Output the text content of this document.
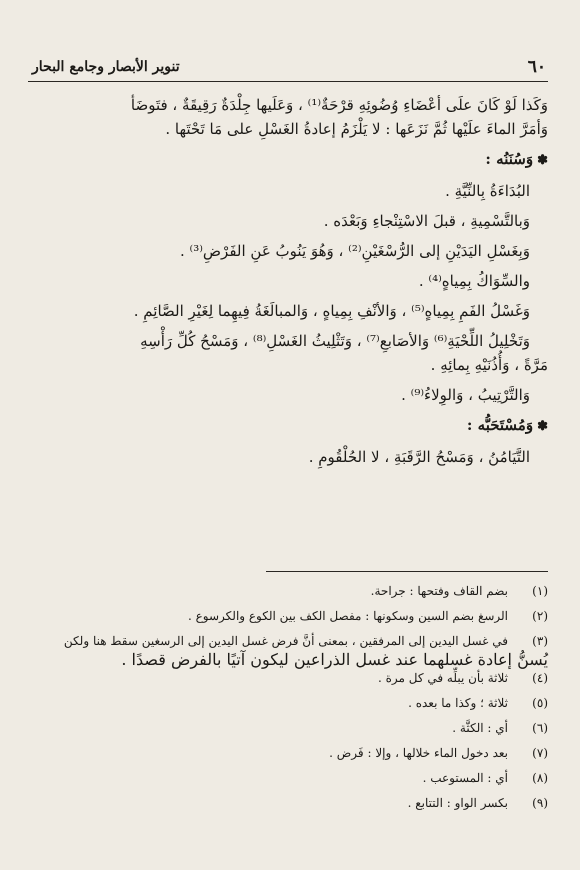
٦٠
تنوير الأبصار وجامع البحار
وَكَذا لَوْ كَانَ علَى أعْضَاءِ وُضُوئِهِ قرْحَةٌ⁽¹⁾ ، وَعَلَيها جِلْدَةٌ رَقِيقَةٌ ، فتَوضَأ
وَأمَرَّ الماءَ علَيْها ثُمَّ نَزَعَها : لا يَلْزَمُ إعادةُ الغَسْلِ على مَا تَحْتَها .
✽وَسُنَنُه :
البُدَاءَةُ بِالنِّيَّةِ .
وَبالتَّسْمِيةِ ، قبلَ الاسْتِنْجاءِ وَبَعْدَه .
وَبِغَسْلِ اليَدَيْنِ إلى الرُّسْغَيْنِ⁽²⁾ ، وَهُوَ يَنُوبُ عَنِ الفَرْضِ⁽³⁾ .
والسِّوَاكُ بِمِياهٍ⁽⁴⁾ .
وَغَسْلُ الفَمِ بِمِياهٍ⁽⁵⁾ ، وَالأنْفِ بِمِياهٍ ، وَالمبالَغَةُ فِيهِما لِغَيْرِ الصَّائِمِ .
وَتَخْلِيلُ اللِّحْيَةِ⁽⁶⁾ وَالأصَابعِ⁽⁷⁾ ، وَتَثْلِيثُ الغَسْلِ⁽⁸⁾ ، وَمَسْحُ كُلِّ رَأْسِهِ
مَرَّةً ، وَأُذُنَيْهِ بِمائِهِ .
وَالتَّرْتِيبُ ، وَالوِلاءُ⁽⁹⁾ .
✽وَمُسْتَحَبُّه :
التَّيَامُنُ ، وَمَسْحُ الرَّقَبَةِ ، لا الحُلْقُومِ .
(١)
بضم القاف وفتحها : جراحة.
(٢)
الرسغ بضم السين وسكونها : مفصل الكف بين الكوع والكرسوع .
(٣)
في غسل اليدين إلى المرفقين ، بمعنى أنَّ فرض غسل اليدين إلى الرسغين سقط هنا ولكن
يُسنُّ إعادة غسلهما عند غسل الذراعين ليكون آتيًا بالفرض قصدًا .
(٤)
ثلاثة بأن يبلِّه في كل مرة .
(٥)
ثلاثة ؛ وكذا ما بعده .
(٦)
أي : الكثَّة .
(٧)
بعد دخول الماء خلالها ، وإلا : فَرض .
(٨)
أي : المستوعب .
(٩)
بكسر الواو : التتابع .
